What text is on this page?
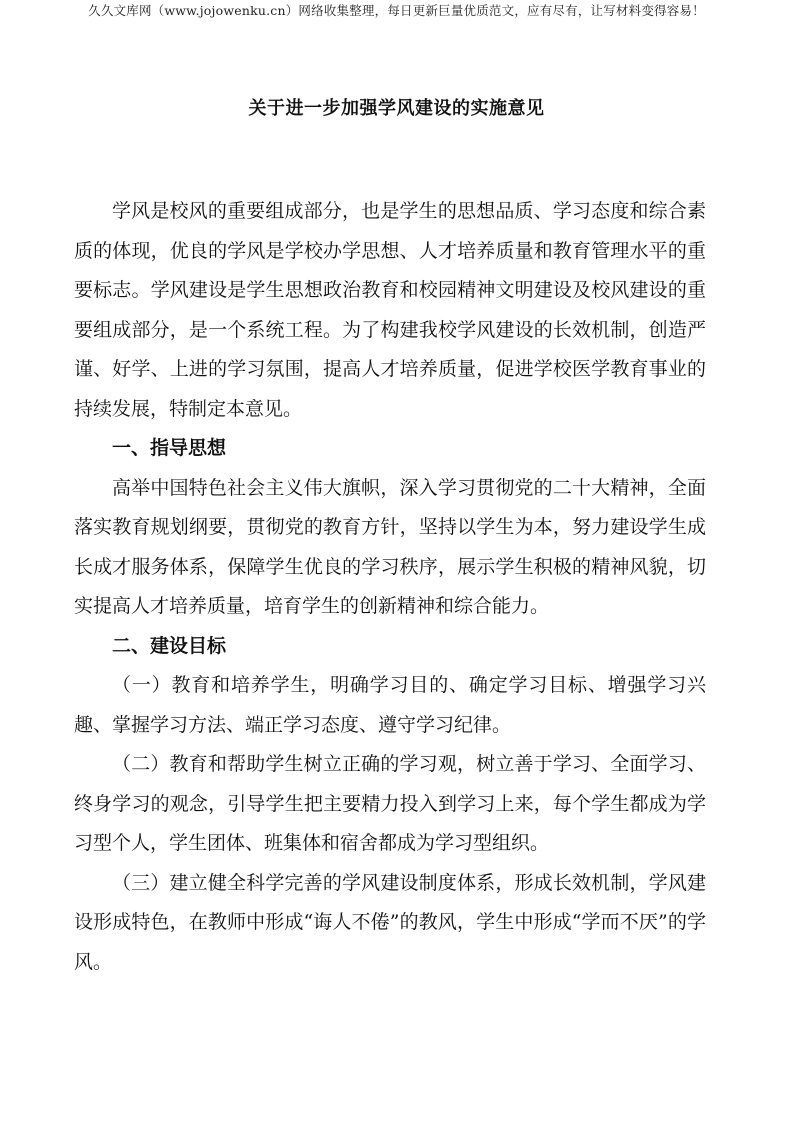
久久文库网（www.jojowenku.cn）网络收集整理，每日更新巨量优质范文，应有尽有，让写材料变得容易！
关于进一步加强学风建设的实施意见

学风是校风的重要组成部分，也是学生的思想品质、学习态度和综合素质的体现，优良的学风是学校办学思想、人才培养质量和教育管理水平的重要标志。学风建设是学生思想政治教育和校园精神文明建设及校风建设的重要组成部分，是一个系统工程。为了构建我校学风建设的长效机制，创造严谨、好学、上进的学习氛围，提高人才培养质量，促进学校医学教育事业的持续发展，特制定本意见。

一、指导思想

高举中国特色社会主义伟大旗帜，深入学习贯彻党的二十大精神，全面落实教育规划纲要，贯彻党的教育方针，坚持以学生为本，努力建设学生成长成才服务体系，保障学生优良的学习秩序，展示学生积极的精神风貌，切实提高人才培养质量，培育学生的创新精神和综合能力。

二、建设目标

（一）教育和培养学生，明确学习目的、确定学习目标、增强学习兴趣、掌握学习方法、端正学习态度、遵守学习纪律。

（二）教育和帮助学生树立正确的学习观，树立善于学习、全面学习、终身学习的观念，引导学生把主要精力投入到学习上来，每个学生都成为学习型个人，学生团体、班集体和宿舍都成为学习型组织。

（三）建立健全科学完善的学风建设制度体系，形成长效机制，学风建设形成特色，在教师中形成“诲人不倦”的教风，学生中形成“学而不厌”的学风。
